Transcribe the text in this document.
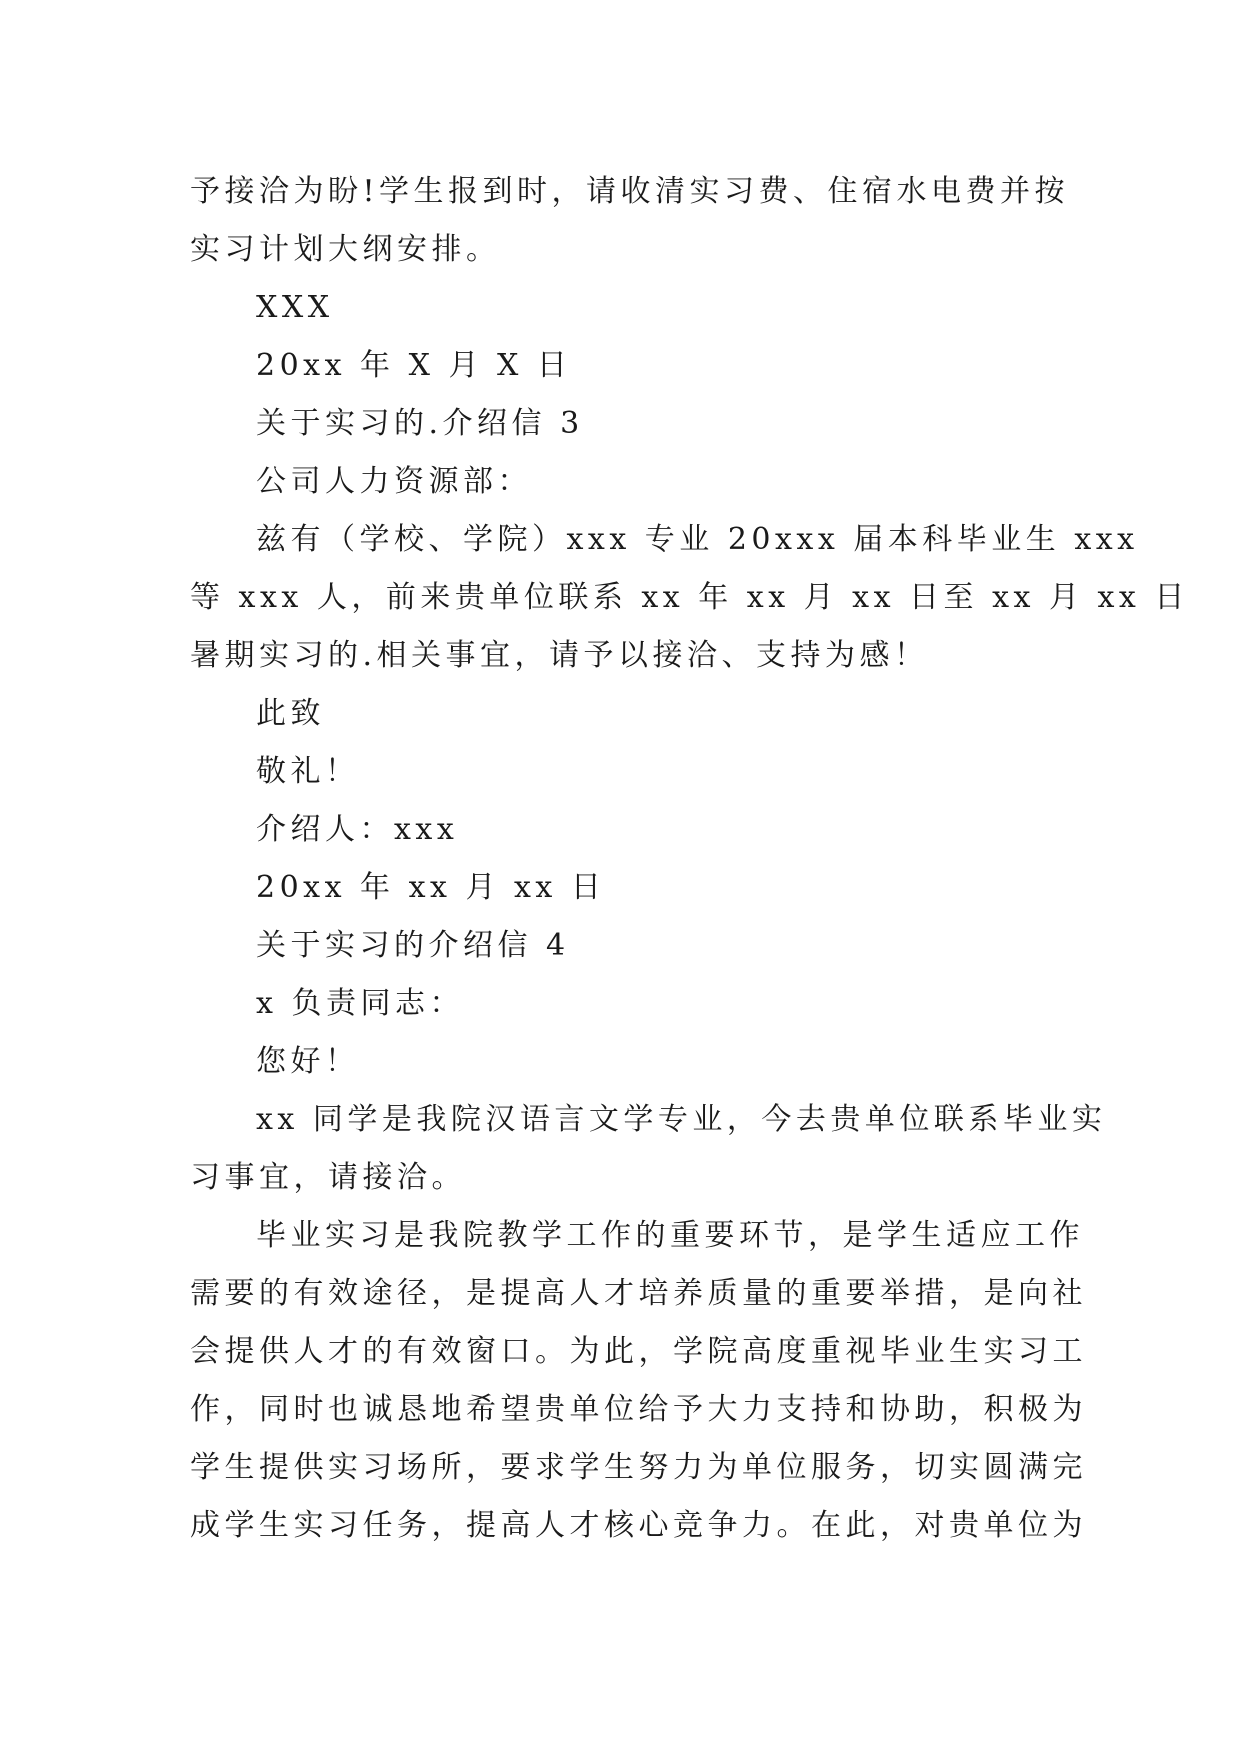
予接洽为盼!学生报到时，请收清实习费、住宿水电费并按
实习计划大纲安排。
XXX
20xx 年 X 月 X 日
关于实习的.介绍信 3
公司人力资源部：
兹有（学校、学院）xxx 专业 20xxx 届本科毕业生 xxx
等 xxx 人，前来贵单位联系 xx 年 xx 月 xx 日至 xx 月 xx 日
暑期实习的.相关事宜，请予以接洽、支持为感！
此致
敬礼！
介绍人：xxx
20xx 年 xx 月 xx 日
关于实习的介绍信 4
x 负责同志：
您好！
xx 同学是我院汉语言文学专业，今去贵单位联系毕业实
习事宜，请接洽。
毕业实习是我院教学工作的重要环节，是学生适应工作
需要的有效途径，是提高人才培养质量的重要举措，是向社
会提供人才的有效窗口。为此，学院高度重视毕业生实习工
作，同时也诚恳地希望贵单位给予大力支持和协助，积极为
学生提供实习场所，要求学生努力为单位服务，切实圆满完
成学生实习任务，提高人才核心竞争力。在此，对贵单位为
